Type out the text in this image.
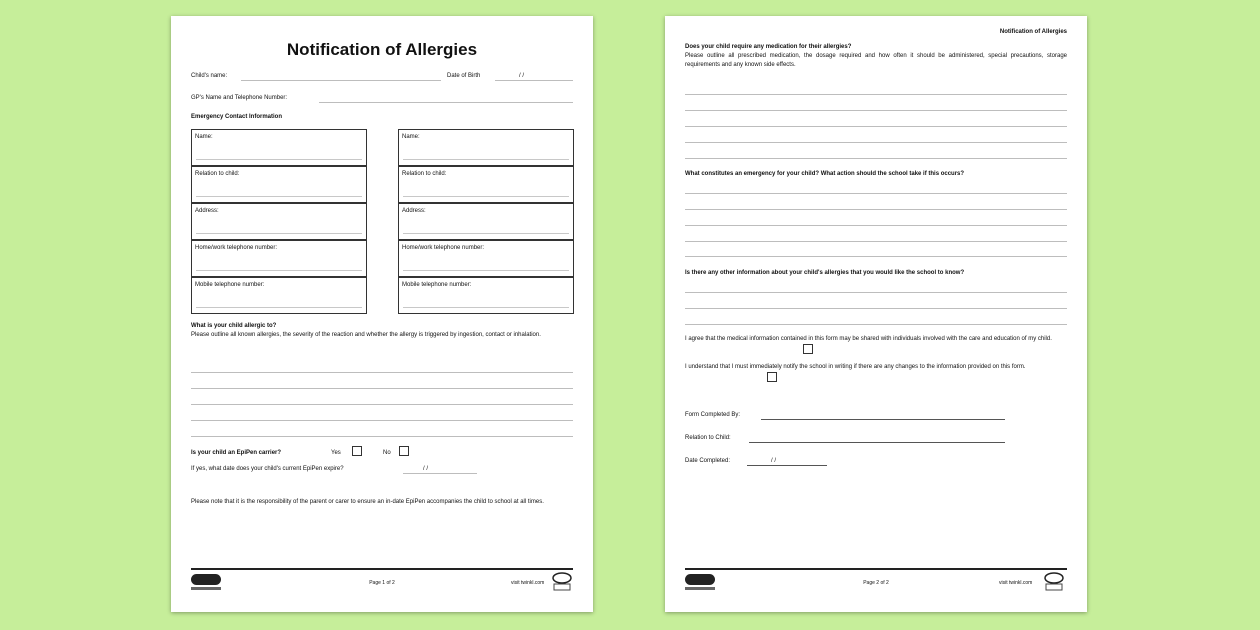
Notification of Allergies
Child's name:	Date of Birth	/ /
GP's Name and Telephone Number:
Emergency Contact Information
Name:
Relation to child:
Address:
Home/work telephone number:
Mobile telephone number:
Name:
Relation to child:
Address:
Home/work telephone number:
Mobile telephone number:
What is your child allergic to?
Please outline all known allergies, the severity of the reaction and whether the allergy is triggered by ingestion, contact or inhalation.
Is your child an EpiPen carrier?	Yes	No
If yes, what date does your child's current EpiPen expire?	/ /
Please note that it is the responsibility of the parent or carer to ensure an in-date EpiPen accompanies the child to school at all times.
Page 1 of 2	visit twinkl.com
Notification of Allergies
Does your child require any medication for their allergies?
Please outline all prescribed medication, the dosage required and how often it should be administered, special precautions, storage requirements and any known side effects.
What constitutes an emergency for your child? What action should the school take if this occurs?
Is there any other information about your child's allergies that you would like the school to know?
I agree that the medical information contained in this form may be shared with individuals involved with the care and education of my child.
I understand that I must immediately notify the school in writing if there are any changes to the information provided on this form.
Form Completed By:
Relation to Child:
Date Completed:	/ /
Page 2 of 2	visit twinkl.com
